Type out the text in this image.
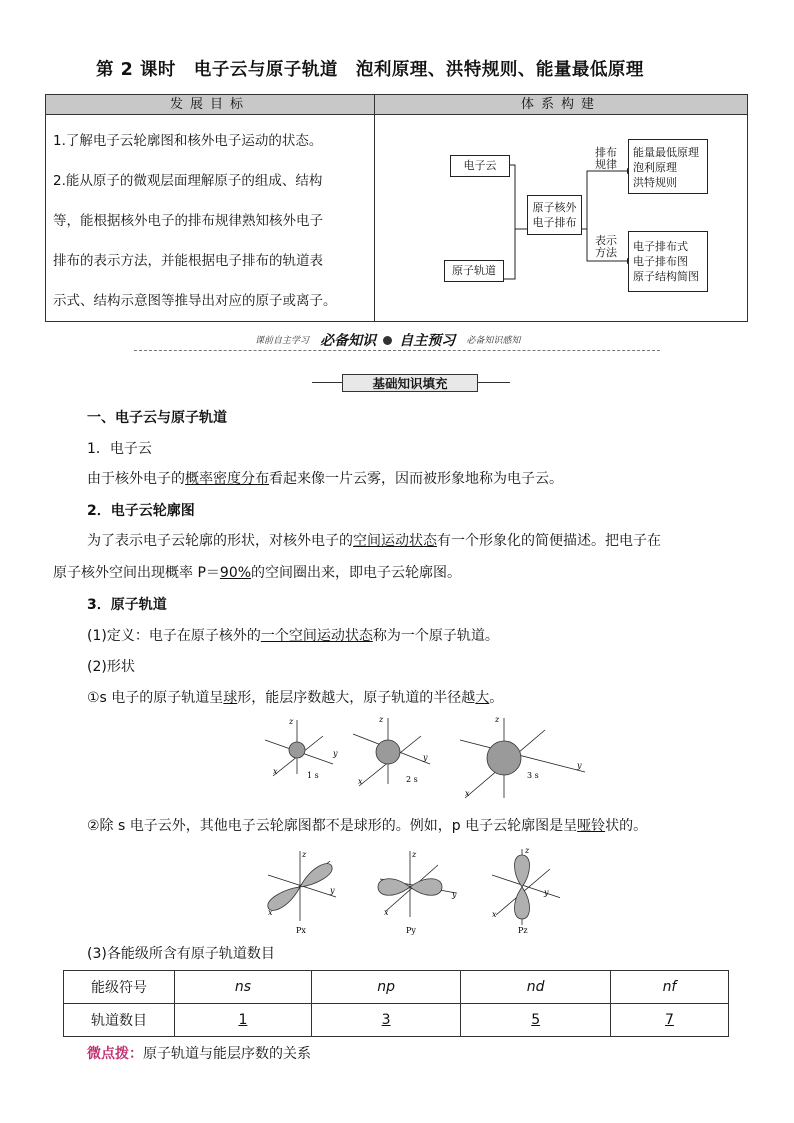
第 2 课时　电子云与原子轨道　泡利原理、洪特规则、能量最低原理
发展目标	体系构建

1.了解电子云轮廓图和核外电子运动的状态。

2.能从原子的微观层面理解原子的组成、结构

等，能根据核外电子的排布规律熟知核外电子

排布的表示方法，并能根据电子排布的轨道表

示式、结构示意图等推导出对应的原子或离子。

电子云
原子轨道
原子核外
电子排布
排布
规律
表示
方法
能量最低原理
泡利原理
洪特规则
电子排布式
电子排布图
原子结构简图
课前自主学习 必备知识 自主预习 必备知识感知
基础知识填充
一、电子云与原子轨道
1．电子云
由于核外电子的概率密度分布看起来像一片云雾，因而被形象地称为电子云。
2．电子云轮廓图
为了表示电子云轮廓的形状，对核外电子的空间运动状态有一个形象化的简便描述。把电子在
原子核外空间出现概率 P＝90%的空间圈出来，即电子云轮廓图。
3．原子轨道
(1)定义：电子在原子核外的一个空间运动状态称为一个原子轨道。
(2)形状
①s 电子的原子轨道呈球形，能层序数越大，原子轨道的半径越大。
z
y
x	1 s
z
y
x	2 s
z
y
x
3 s
②除 s 电子云外，其他电子云轮廓图都不是球形的。例如，p 电子云轮廓图是呈哑铃状的。
z
y
x
Px
z
y
x
Py
z
y
x
Pz
(3)各能级所含有原子轨道数目
能级符号	ns	np	nd	nf
轨道数目	1	3	5	7
微点拨：原子轨道与能层序数的关系
